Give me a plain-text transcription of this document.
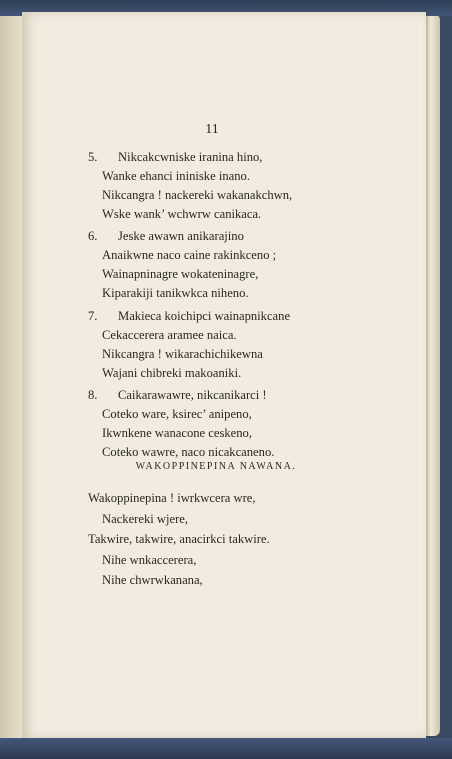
11
5. Nikcakcwniske iranina hino,
Wanke ehanci ininiske inano.
Nikcangra ! nackereki wakanakchwn,
Wske wank’ wchwrw canikaca.
6. Jeske awawn anikarajino
Anaikwne naco caine rakinkceno ;
Wainapninagre wokateninagre,
Kiparakiji tanikwkca niheno.
7. Makieca koichipci wainapnikcane
Cekaccerera aramee naica.
Nikcangra ! wikarachichikewna
Wajani chibreki makoaniki.
8. Caikarawawre, nikcanikarci !
Coteko ware, ksirec’ anipeno,
Ikwnkene wanacone ceskeno,
Coteko wawre, naco nicakcaneno.
WAKOPPINEPINA NAWANA.
Wakoppinepina ! iwrkwcera wre,
Nackereki wjere,
Takwire, takwire, anacirkci takwire.
Nihe wnkaccerera,
Nihe chwrwkanana,
